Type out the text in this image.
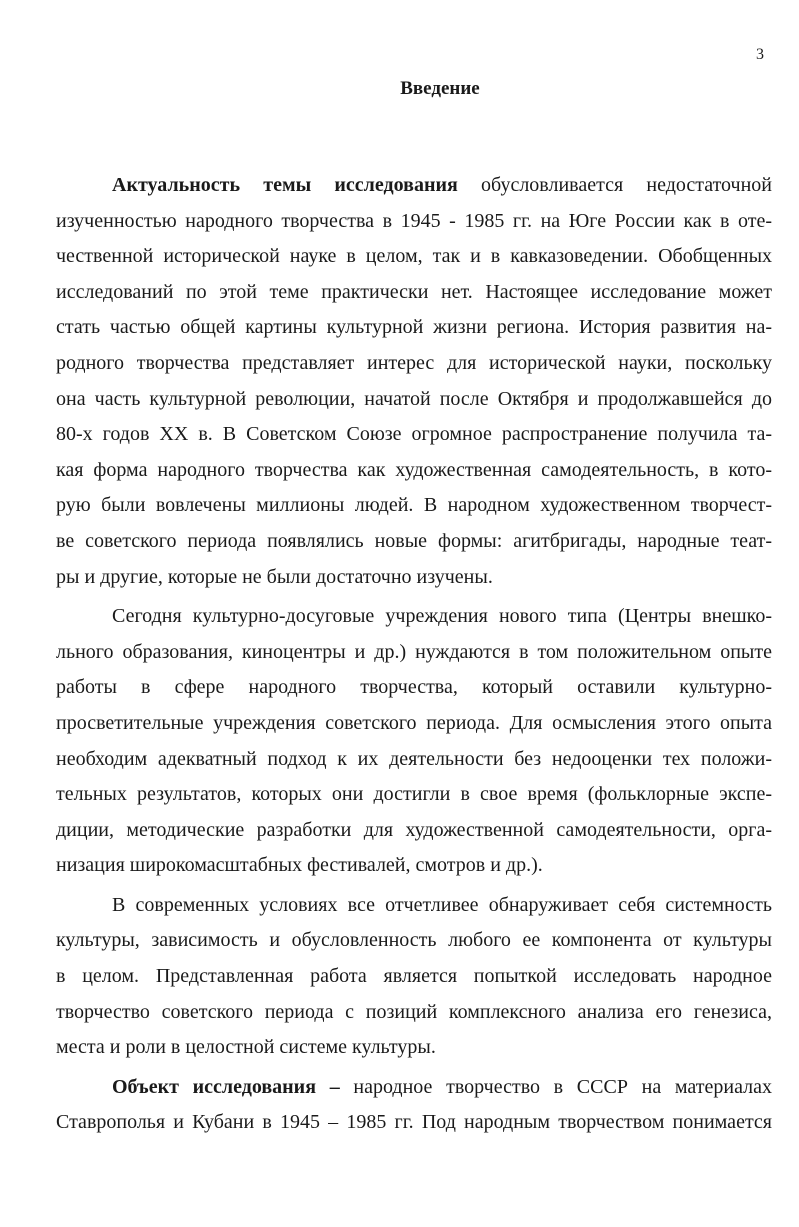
3
Введение
Актуальность темы исследования обусловливается недостаточной
изученностью народного творчества в 1945 - 1985 гг. на Юге России как в оте-
чественной исторической науке в целом, так и в кавказоведении. Обобщенных
исследований по этой теме практически нет. Настоящее исследование может
стать частью общей картины культурной жизни региона. История развития на-
родного творчества представляет интерес для исторической науки, поскольку
она часть культурной революции, начатой после Октября и продолжавшейся до
80-х годов XX в. В Советском Союзе огромное распространение получила та-
кая форма народного творчества как художественная самодеятельность, в кото-
рую были вовлечены миллионы людей. В народном художественном творчест-
ве советского периода появлялись новые формы: агитбригады, народные теат-
ры и другие, которые не были достаточно изучены.
Сегодня культурно-досуговые учреждения нового типа (Центры внешко-
льного образования, киноцентры и др.) нуждаются в том положительном опыте
работы в сфере народного творчества, который оставили культурно-
просветительные учреждения советского периода. Для осмысления этого опыта
необходим адекватный подход к их деятельности без недооценки тех положи-
тельных результатов, которых они достигли в свое время (фольклорные экспе-
диции, методические разработки для художественной самодеятельности, орга-
низация широкомасштабных фестивалей, смотров и др.).
В современных условиях все отчетливее обнаруживает себя системность
культуры, зависимость и обусловленность любого ее компонента от культуры
в целом. Представленная работа является попыткой исследовать народное
творчество советского периода с позиций комплексного анализа его генезиса,
места и роли в целостной системе культуры.
Объект исследования – народное творчество в СССР на материалах
Ставрополья и Кубани в 1945 – 1985 гг. Под народным творчеством понимается
